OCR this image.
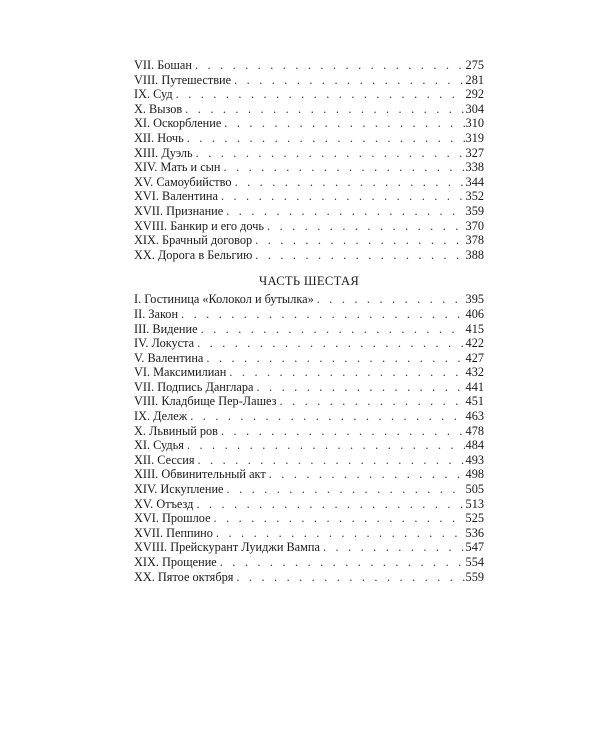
VII. Бошан . . .	275
VIII. Путешествие . . .	281
IX. Суд . . .	292
X. Вызов . . .	304
XI. Оскорбление . . .	310
XII. Ночь . . .	319
XIII. Дуэль . . .	327
XIV. Мать и сын . . .	338
XV. Самоубийство . . .	344
XVI. Валентина . . .	352
XVII. Признание . . .	359
XVIII. Банкир и его дочь . . .	370
XIX. Брачный договор . . .	378
XX. Дорога в Бельгию . . .	388
ЧАСТЬ ШЕСТАЯ
I. Гостиница «Колокол и бутылка» . . .	395
II. Закон . . .	406
III. Видение . . .	415
IV. Локуста . . .	422
V. Валентина . . .	427
VI. Максимилиан . . .	432
VII. Подпись Данглара . . .	441
VIII. Кладбище Пер-Лашез . . .	451
IX. Дележ . . .	463
X. Львиный ров . . .	478
XI. Судья . . .	484
XII. Сессия . . .	493
XIII. Обвинительный акт . . .	498
XIV. Искупление . . .	505
XV. Отъезд . . .	513
XVI. Прошлое . . .	525
XVII. Пеппино . . .	536
XVIII. Прейскурант Луиджи Вампа . . .	547
XIX. Прощение . . .	554
XX. Пятое октября . . .	559
